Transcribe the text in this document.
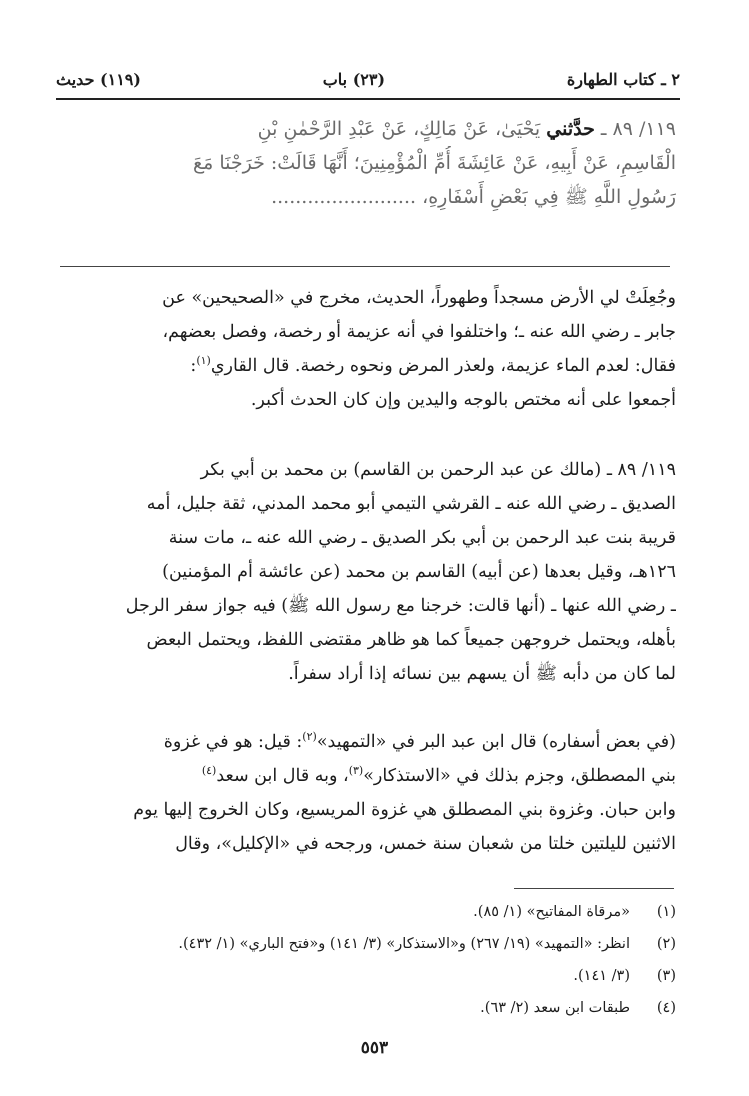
٢ ـ كتاب الطهارة
(٢٣) باب
(١١٩) حديث
١١٩/ ٨٩ ـ حدَّثني يَحْيَىٰ، عَنْ مَالِكٍ، عَنْ عَبْدِ الرَّحْمٰنِ بْنِ
الْقَاسِمِ، عَنْ أَبِيهِ، عَنْ عَائِشَةَ أُمِّ الْمُؤْمِنِينَ؛ أَنَّهَا قَالَتْ: خَرَجْنَا مَعَ
رَسُولِ اللَّهِ ﷺ فِي بَعْضِ أَسْفَارِهِ، ........................
وجُعِلَتْ لي الأرض مسجداً وطهوراً، الحديث، مخرج في «الصحيحين» عن
جابر ـ رضي الله عنه ـ؛ واختلفوا في أنه عزيمة أو رخصة، وفصل بعضهم،
فقال: لعدم الماء عزيمة، ولعذر المرض ونحوه رخصة. قال القاري$^{(١)}$:
أجمعوا على أنه مختص بالوجه واليدين وإن كان الحدث أكبر.
١١٩/ ٨٩ ـ (مالك عن عبد الرحمن بن القاسم) بن محمد بن أبي بكر
الصديق ـ رضي الله عنه ـ القرشي التيمي أبو محمد المدني، ثقة جليل، أمه
قريبة بنت عبد الرحمن بن أبي بكر الصديق ـ رضي الله عنه ـ، مات سنة
١٢٦هـ، وقيل بعدها (عن أبيه) القاسم بن محمد (عن عائشة أم المؤمنين)
ـ رضي الله عنها ـ (أنها قالت: خرجنا مع رسول الله ﷺ) فيه جواز سفر الرجل
بأهله، ويحتمل خروجهن جميعاً كما هو ظاهر مقتضى اللفظ، ويحتمل البعض
لما كان من دأبه ﷺ أن يسهم بين نسائه إذا أراد سفراً.
(في بعض أسفاره) قال ابن عبد البر في «التمهيد»$^{(٢)}$: قيل: هو في غزوة
بني المصطلق، وجزم بذلك في «الاستذكار»$^{(٣)}$، وبه قال ابن سعد$^{(٤)}$
وابن حبان. وغزوة بني المصطلق هي غزوة المريسيع، وكان الخروج إليها يوم
الاثنين لليلتين خلتا من شعبان سنة خمس، ورجحه في «الإكليل»، وقال
(١)
«مرقاة المفاتيح» (١/ ٨٥).
(٢)
انظر: «التمهيد» (١٩/ ٢٦٧) و«الاستذكار» (٣/ ١٤١) و«فتح الباري» (١/ ٤٣٢).
(٣)
(٣/ ١٤١).
(٤)
طبقات ابن سعد (٢/ ٦٣).
٥٥٣
